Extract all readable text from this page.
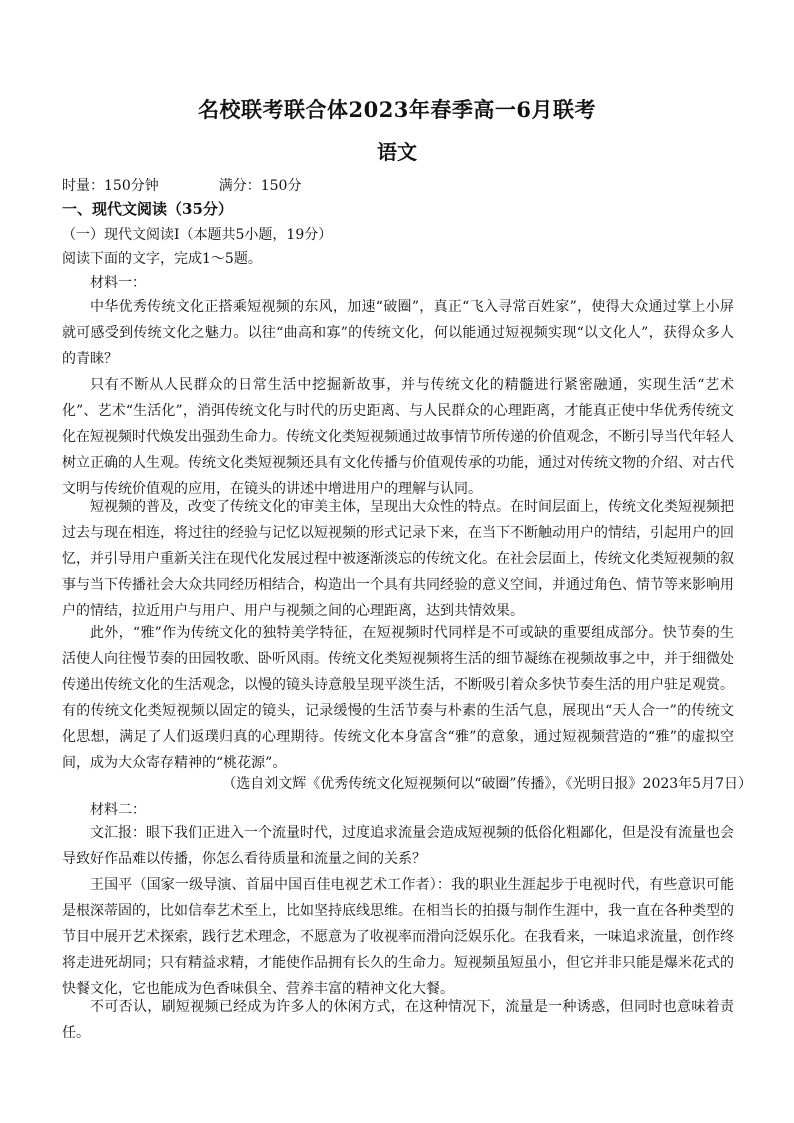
名校联考联合体2023年春季高一6月联考
语文
时量：150分钟	满分：150分
一、现代文阅读（35分）
（一）现代文阅读I（本题共5小题，19分）
阅读下面的文字，完成1～5题。
材料一：

中华优秀传统文化正搭乘短视频的东风，加速“破圈”，真正“飞入寻常百姓家”，使得大众通过掌上小屏就可感受到传统文化之魅力。以往“曲高和寡”的传统文化，何以能通过短视频实现“以文化人”，获得众多人的青睐？

只有不断从人民群众的日常生活中挖掘新故事，并与传统文化的精髓进行紧密融通，实现生活“艺术化”、艺术“生活化”，消弭传统文化与时代的历史距离、与人民群众的心理距离，才能真正使中华优秀传统文化在短视频时代焕发出强劲生命力。传统文化类短视频通过故事情节所传递的价值观念，不断引导当代年轻人树立正确的人生观。传统文化类短视频还具有文化传播与价值观传承的功能，通过对传统文物的介绍、对古代文明与传统价值观的应用，在镜头的讲述中增进用户的理解与认同。

短视频的普及，改变了传统文化的审美主体，呈现出大众性的特点。在时间层面上，传统文化类短视频把过去与现在相连，将过往的经验与记忆以短视频的形式记录下来，在当下不断触动用户的情结，引起用户的回忆，并引导用户重新关注在现代化发展过程中被逐渐淡忘的传统文化。在社会层面上，传统文化类短视频的叙事与当下传播社会大众共同经历相结合，构造出一个具有共同经验的意义空间，并通过角色、情节等来影响用户的情结，拉近用户与用户、用户与视频之间的心理距离，达到共情效果。

此外，“雅”作为传统文化的独特美学特征，在短视频时代同样是不可或缺的重要组成部分。快节奏的生活使人向往慢节奏的田园牧歌、卧听风雨。传统文化类短视频将生活的细节凝练在视频故事之中，并于细微处传递出传统文化的生活观念，以慢的镜头诗意般呈现平淡生活，不断吸引着众多快节奏生活的用户驻足观赏。有的传统文化类短视频以固定的镜头，记录缓慢的生活节奏与朴素的生活气息，展现出“天人合一”的传统文化思想，满足了人们返璞归真的心理期待。传统文化本身富含“雅”的意象，通过短视频营造的“雅”的虚拟空间，成为大众寄存精神的“桃花源”。

（选自刘文辉《优秀传统文化短视频何以“破圈”传播》，《光明日报》2023年5月7日）
材料二：

文汇报：眼下我们正进入一个流量时代，过度追求流量会造成短视频的低俗化粗鄙化，但是没有流量也会导致好作品难以传播，你怎么看待质量和流量之间的关系？

王国平（国家一级导演、首届中国百佳电视艺术工作者）：我的职业生涯起步于电视时代，有些意识可能是根深蒂固的，比如信奉艺术至上，比如坚持底线思维。在相当长的拍摄与制作生涯中，我一直在各种类型的节目中展开艺术探索，践行艺术理念，不愿意为了收视率而滑向泛娱乐化。在我看来，一味追求流量，创作终将走进死胡同；只有精益求精，才能使作品拥有长久的生命力。短视频虽短虽小，但它并非只能是爆米花式的快餐文化，它也能成为色香味俱全、营养丰富的精神文化大餐。

不可否认，刷短视频已经成为许多人的休闲方式，在这种情况下，流量是一种诱惑，但同时也意味着责任。
